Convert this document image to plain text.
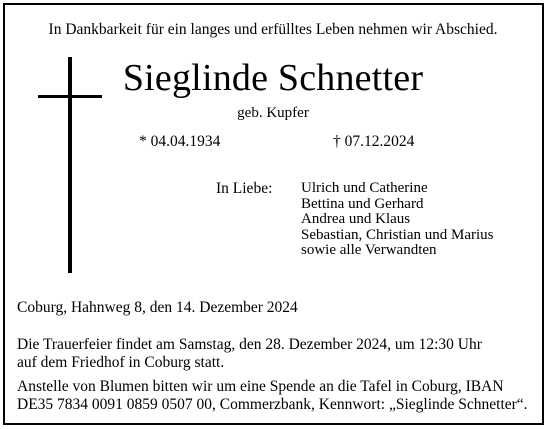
In Dankbarkeit für ein langes und erfülltes Leben nehmen wir Abschied.
Sieglinde Schnetter
geb. Kupfer
* 04.04.1934	† 07.12.2024
In Liebe: Ulrich und Catherine
Bettina und Gerhard
Andrea und Klaus
Sebastian, Christian und Marius
sowie alle Verwandten
Coburg, Hahnweg 8, den 14. Dezember 2024
Die Trauerfeier findet am Samstag, den 28. Dezember 2024, um 12:30 Uhr
auf dem Friedhof in Coburg statt.
Anstelle von Blumen bitten wir um eine Spende an die Tafel in Coburg, IBAN
DE35 7834 0091 0859 0507 00, Commerzbank, Kennwort: „Sieglinde Schnetter“.
